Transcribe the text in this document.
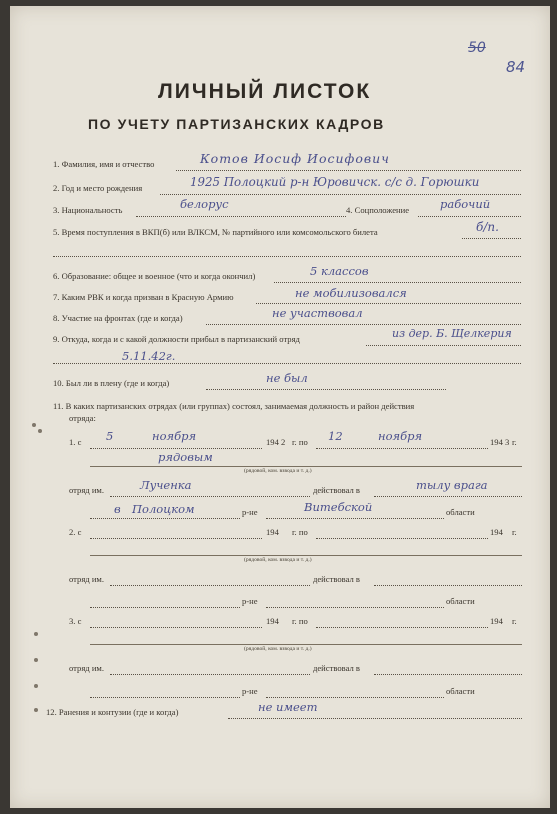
50
84
ЛИЧНЫЙ ЛИСТОК
ПО УЧЕТУ ПАРТИЗАНСКИХ КАДРОВ
1. Фамилия, имя и отчество	Котов Иосиф Иосифович
2. Год и место рождения	1925 Полоцкий р-н Юровичск. с/с д. Горюшки
3. Национальность	белорус	4. Соцположение	рабочий
5. Время поступления в ВКП(б) или ВЛКСМ, № партийного или комсомольского билета	б/п.
6. Образование: общее и военное (что и когда окончил)	5 классов
7. Каким РВК и когда призван в Красную Армию	не мобилизовался
8. Участие на фронтах (где и когда)	не участвовал
9. Откуда, когда и с какой должности прибыл в партизанский отряд	из дер. Б. Щелкерия
5.11.42г.
10. Был ли в плену (где и когда)	не был
11. В каких партизанских отрядах (или группах) состоял, занимаемая должность и район действия
отряда:
1. с 5	ноября	194 2 г. по 12	ноября	194 3 г.
рядовым
(рядовой, ком. взвода и т. д.)
отряд им.	Лученка	действовал в	тылу врага
в Полоцком	р-не	Витебской	области
2. с	194 г. по	194 г.
(рядовой, ком. взвода и т. д.)
отряд им.	действовал в
р-не	области
3. с	194 г. по	194 г.
(рядовой, ком. взвода и т. д.)
отряд им.	действовал в
р-не	области
12. Ранения и контузии (где и когда)	не имеет
